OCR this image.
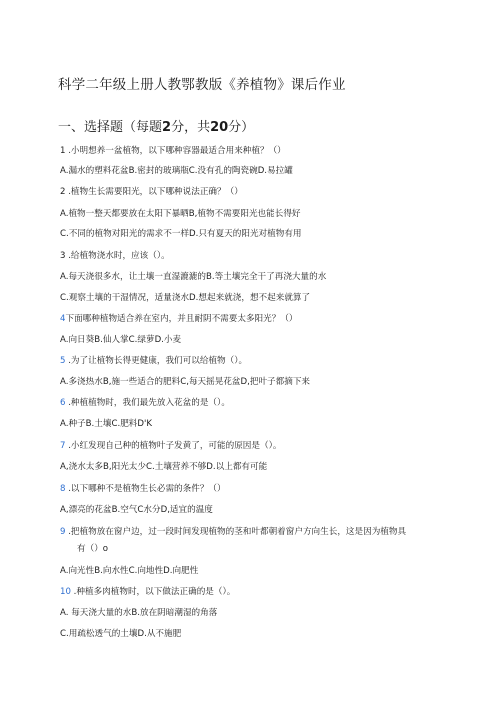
科学二年级上册人教鄂教版《养植物》课后作业
一、选择题（每题2分，共20分）
1 .小明想养一盆植物，以下哪种容器最适合用来种植？（）
A.漏水的塑料花盆B.密封的玻璃瓶C.没有孔的陶瓷碗D.易拉罐
2 .植物生长需要阳光，以下哪种说法正确？（）
A.植物一整天都要放在太阳下暴晒B,植物不需要阳光也能长得好
C.不同的植物对阳光的需求不一样D.只有夏天的阳光对植物有用
3 .给植物浇水时，应该（）。
A.每天浇很多水，让土壤一直湿漉漉的B.等土壤完全干了再浇大量的水
C.观察土壤的干湿情况，适量浇水D.想起来就浇，想不起来就算了
4下面哪种植物适合养在室内，并且耐阴不需要太多阳光？（）
A.向日葵B.仙人掌C.绿萝D.小麦
5 .为了让植物长得更健康，我们可以给植物（）。
A.多浇热水B,施一些适合的肥料C,每天摇晃花盆D,把叶子都摘下来
6 .种植植物时，我们最先放入花盆的是（）。
A.种子B.土壤C.肥料D'K
7 .小红发现自己种的植物叶子发黄了，可能的原因是（）。
A,浇水太多B,阳光太少C.土壤营养不够D.以上都有可能
8 .以下哪种不是植物生长必需的条件？（）
A,漂亮的花盆B.空气C水分D,适宜的温度
9 .把植物放在窗户边，过一段时间发现植物的茎和叶都朝着窗户方向生长，这是因为植物具
有（）o
A.向光性B.向水性C.向地性D.向肥性
10 .种植多肉植物时，以下做法正确的是（）。
A. 每天浇大量的水B.放在阴暗潮湿的角落
C.用疏松透气的土壤D.从不施肥
